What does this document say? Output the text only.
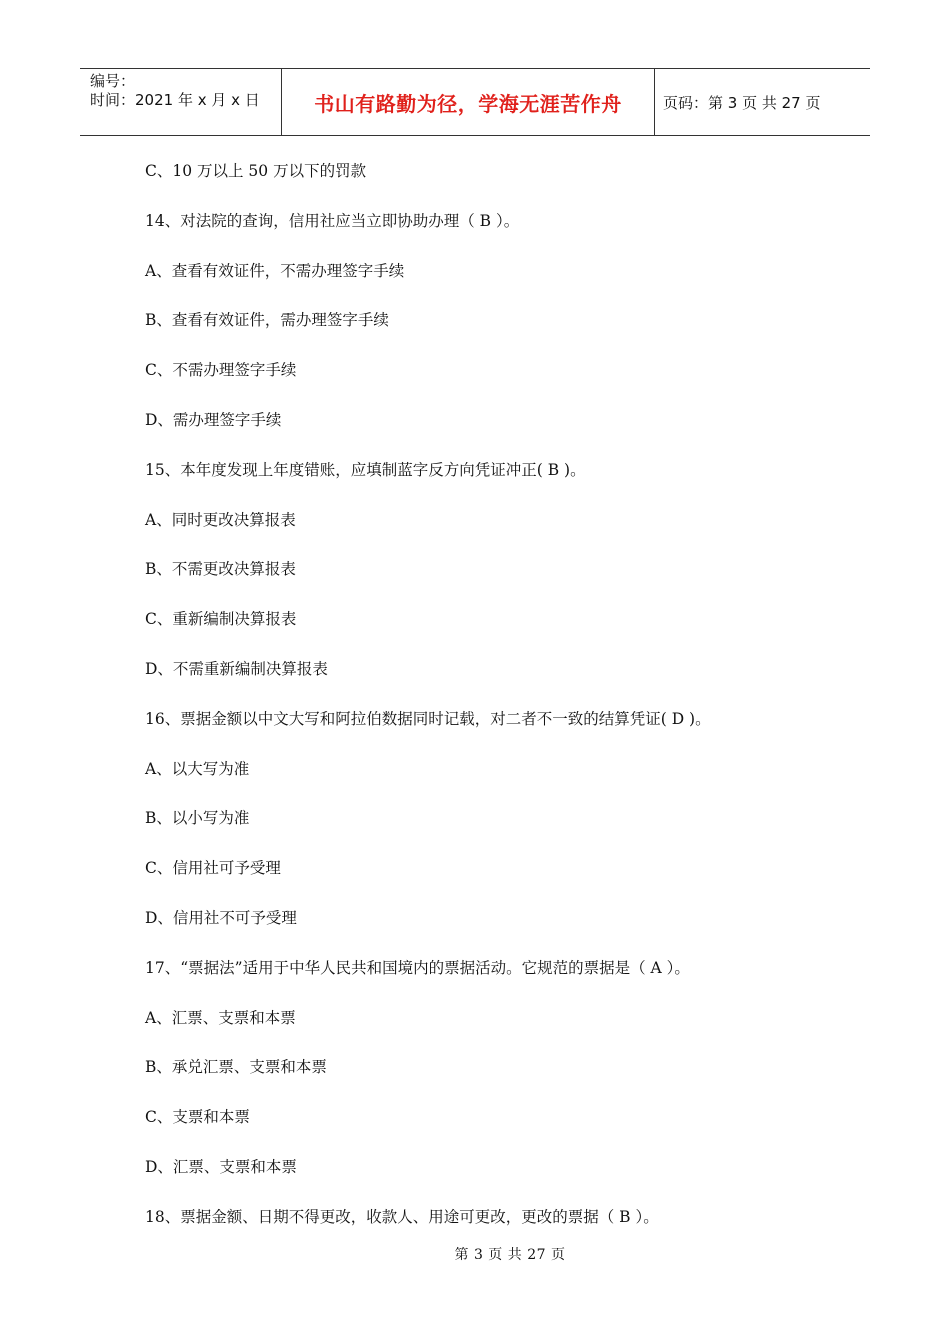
编号：
时间：2021 年 x 月 x 日	书山有路勤为径，学海无涯苦作舟	页码：第 3 页 共 27 页
C、10 万以上 50 万以下的罚款
14、对法院的查询，信用社应当立即协助办理（ B ）。
A、查看有效证件，不需办理签字手续
B、查看有效证件，需办理签字手续
C、不需办理签字手续
D、需办理签字手续
15、本年度发现上年度错账，应填制蓝字反方向凭证冲正( B )。
A、同时更改决算报表
B、不需更改决算报表
C、重新编制决算报表
D、不需重新编制决算报表
16、票据金额以中文大写和阿拉伯数据同时记载，对二者不一致的结算凭证( D )。
A、以大写为准
B、以小写为准
C、信用社可予受理
D、信用社不可予受理
17、“票据法”适用于中华人民共和国境内的票据活动。它规范的票据是（ A ）。
A、汇票、支票和本票
B、承兑汇票、支票和本票
C、支票和本票
D、汇票、支票和本票
18、票据金额、日期不得更改，收款人、用途可更改，更改的票据（ B ）。
第 3 页 共 27 页
